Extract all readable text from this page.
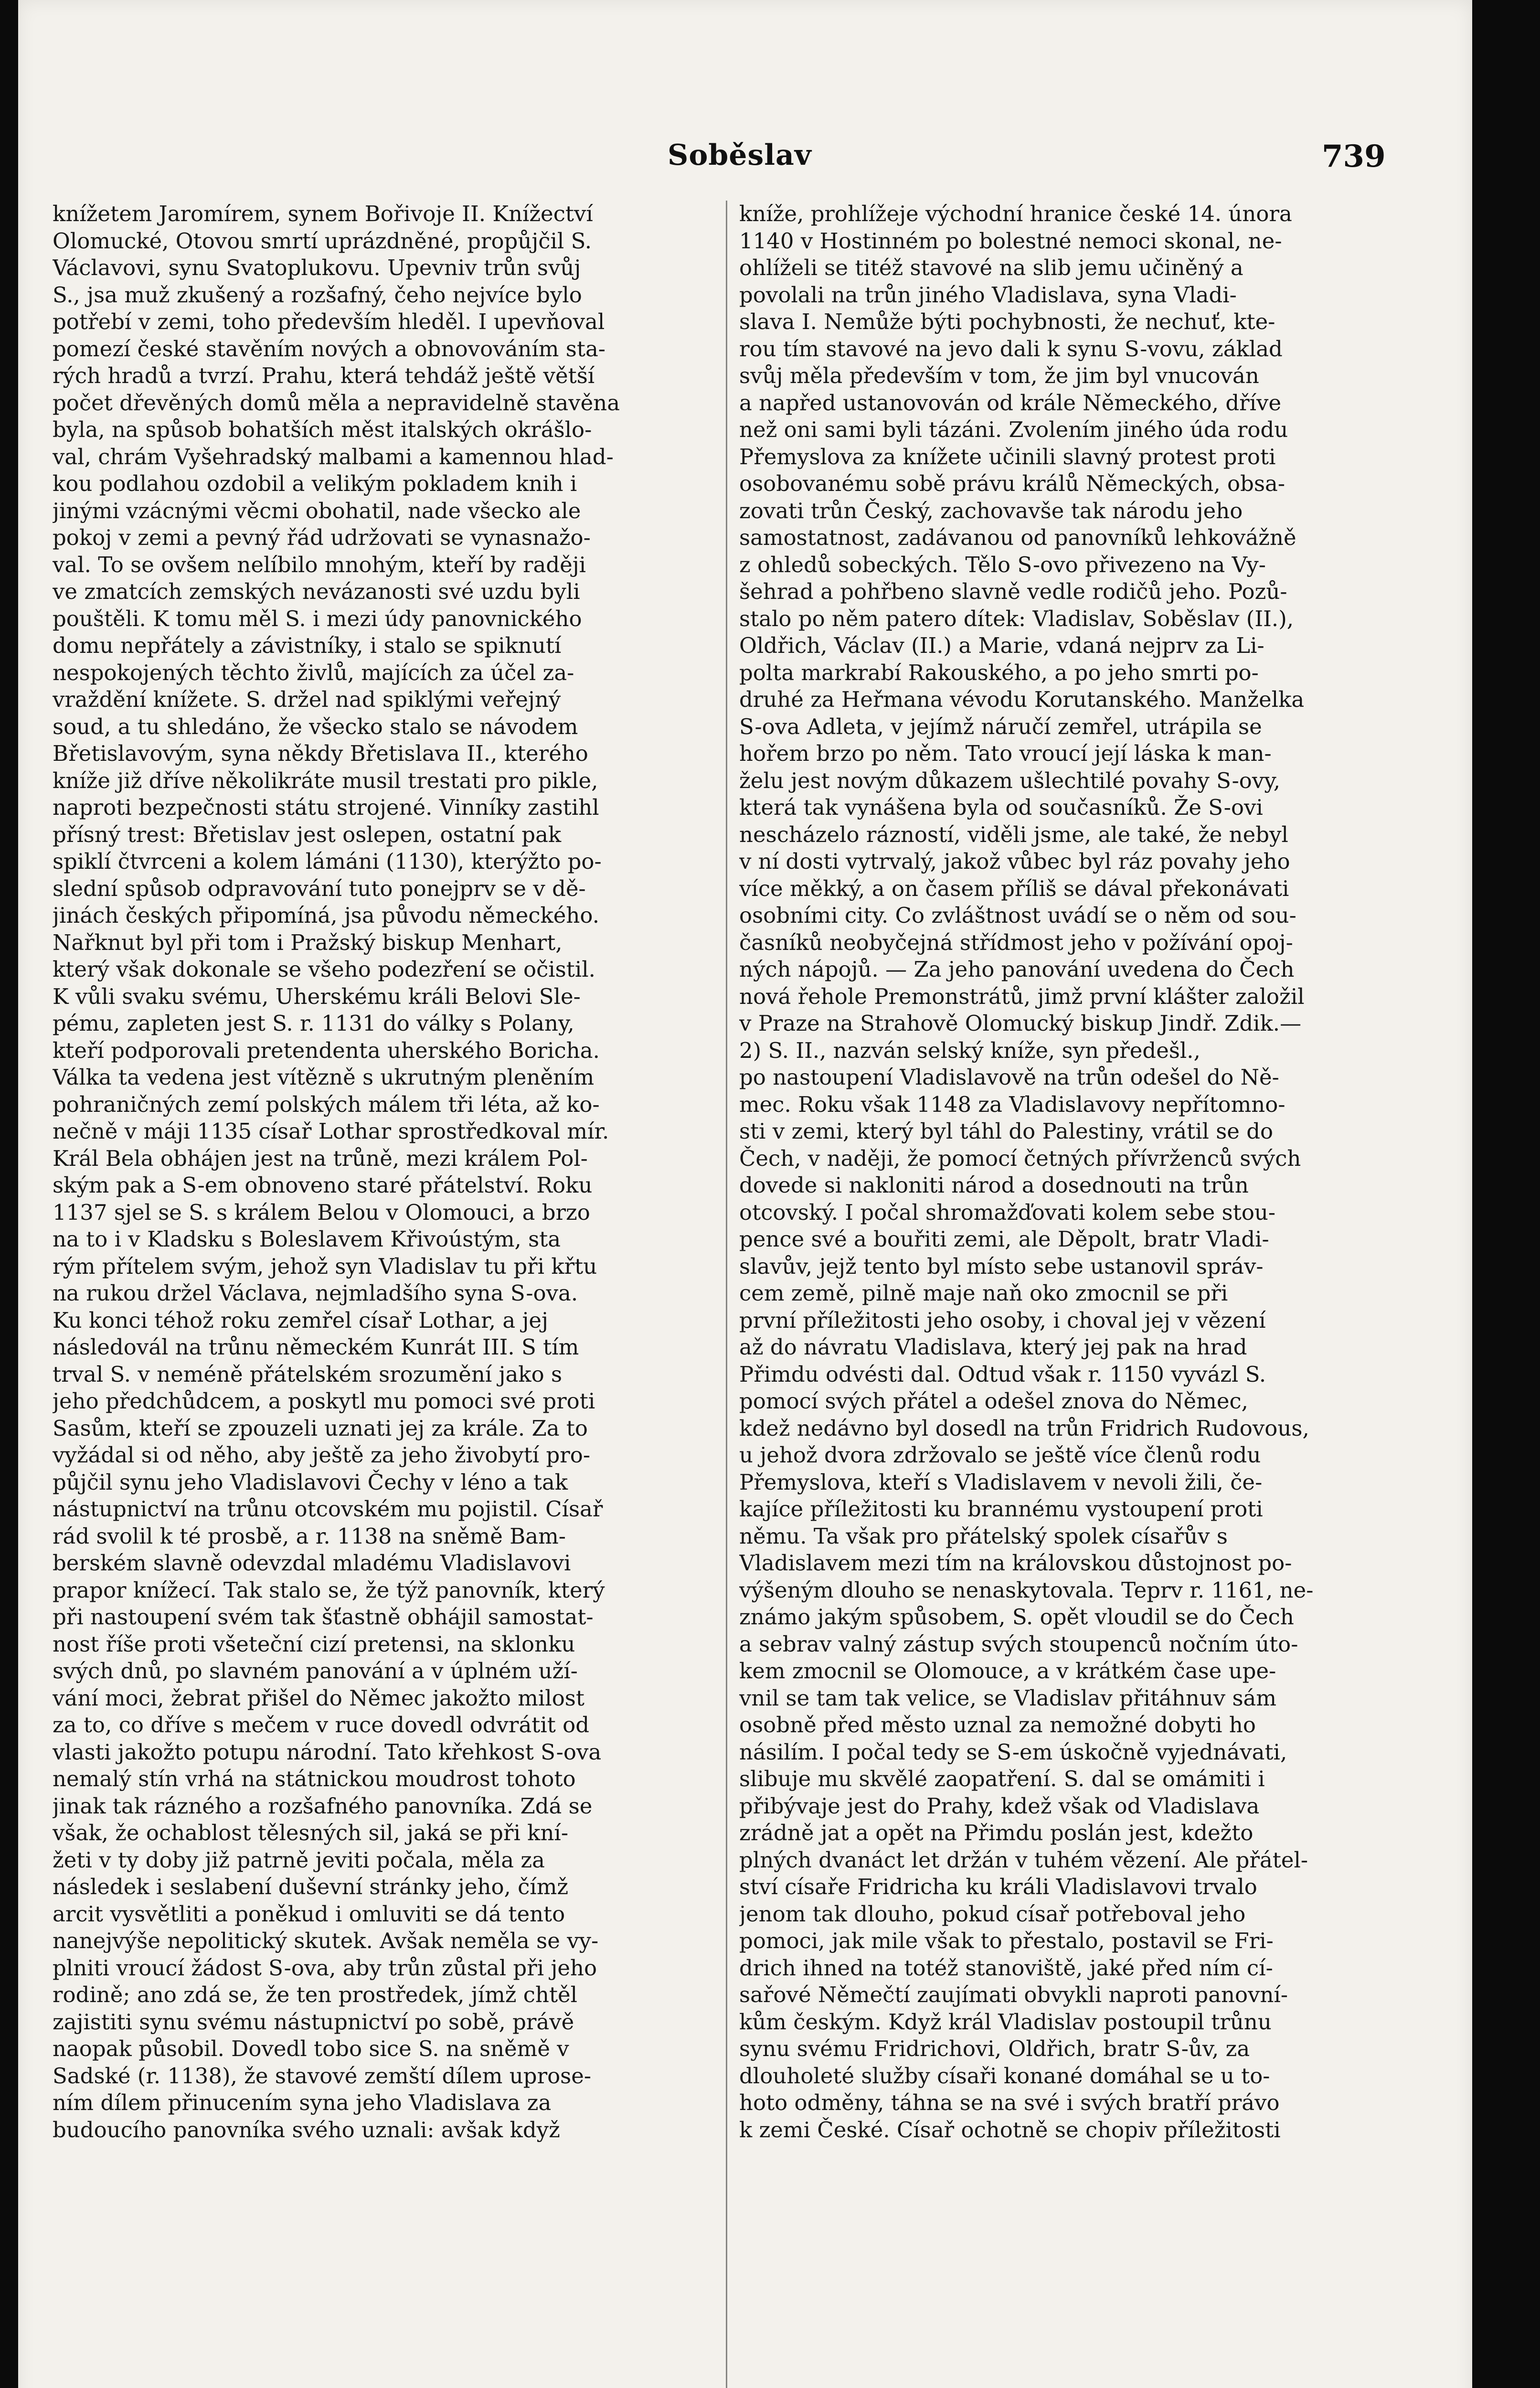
Soběslav	739
knížetem Jaromírem, synem Bořivoje II. Knížectví
Olomucké, Otovou smrtí uprázdněné, propůjčil S.
Václavovi, synu Svatoplukovu. Upevniv trůn svůj
S., jsa muž zkušený a rozšafný, čeho nejvíce bylo
potřebí v zemi, toho především hleděl. I upevňoval
pomezí české stavěním nových a obnovováním sta-
rých hradů a tvrzí. Prahu, která tehdáž ještě větší
počet dřevěných domů měla a nepravidelně stavěna
byla, na spůsob bohatších měst italských okrášlo-
val, chrám Vyšehradský malbami a kamennou hlad-
kou podlahou ozdobil a velikým pokladem knih i
jinými vzácnými věcmi obohatil, nade všecko ale
pokoj v zemi a pevný řád udržovati se vynasnažo-
val. To se ovšem nelíbilo mnohým, kteří by raději
ve zmatcích zemských nevázanosti své uzdu byli
pouštěli. K tomu měl S. i mezi údy panovnického
domu nepřátely a závistníky, i stalo se spiknutí
nespokojených těchto živlů, majících za účel za-
vraždění knížete. S. držel nad spiklými veřejný
soud, a tu shledáno, že všecko stalo se návodem
Břetislavovým, syna někdy Břetislava II., kterého
kníže již dříve několikráte musil trestati pro pikle,
naproti bezpečnosti státu strojené. Vinníky zastihl
přísný trest: Břetislav jest oslepen, ostatní pak
spiklí čtvrceni a kolem lámáni (1130), kterýžto po-
slední spůsob odpravování tuto ponejprv se v dě-
jinách českých připomíná, jsa původu německého.
Nařknut byl při tom i Pražský biskup Menhart,
který však dokonale se všeho podezření se očistil.
K vůli svaku svému, Uherskému králi Belovi Sle-
pému, zapleten jest S. r. 1131 do války s Polany,
kteří podporovali pretendenta uherského Boricha.
Válka ta vedena jest vítězně s ukrutným pleněním
pohraničných zemí polských málem tři léta, až ko-
nečně v máji 1135 císař Lothar sprostředkoval mír.
Král Bela obhájen jest na trůně, mezi králem Pol-
ským pak a S-em obnoveno staré přátelství. Roku
1137 sjel se S. s králem Belou v Olomouci, a brzo
na to i v Kladsku s Boleslavem Křivoústým, sta
rým přítelem svým, jehož syn Vladislav tu při křtu
na rukou držel Václava, nejmladšího syna S-ova.
Ku konci téhož roku zemřel císař Lothar, a jej
následovál na trůnu německém Kunrát III. S tím
trval S. v neméně přátelském srozumění jako s
jeho předchůdcem, a poskytl mu pomoci své proti
Sasům, kteří se zpouzeli uznati jej za krále. Za to
vyžádal si od něho, aby ještě za jeho živobytí pro-
půjčil synu jeho Vladislavovi Čechy v léno a tak
nástupnictví na trůnu otcovském mu pojistil. Císař
rád svolil k té prosbě, a r. 1138 na sněmě Bam-
berském slavně odevzdal mladému Vladislavovi
prapor knížecí. Tak stalo se, že týž panovník, který
při nastoupení svém tak šťastně obhájil samostat-
nost říše proti všeteční cizí pretensi, na sklonku
svých dnů, po slavném panování a v úplném uží-
vání moci, žebrat přišel do Němec jakožto milost
za to, co dříve s mečem v ruce dovedl odvrátit od
vlasti jakožto potupu národní. Tato křehkost S-ova
nemalý stín vrhá na státnickou moudrost tohoto
jinak tak rázného a rozšafného panovníka. Zdá se
však, že ochablost tělesných sil, jaká se při kní-
žeti v ty doby již patrně jeviti počala, měla za
následek i seslabení duševní stránky jeho, čímž
arcit vysvětliti a poněkud i omluviti se dá tento
nanejvýše nepolitický skutek. Avšak neměla se vy-
plniti vroucí žádost S-ova, aby trůn zůstal při jeho
rodině; ano zdá se, že ten prostředek, jímž chtěl
zajistiti synu svému nástupnictví po sobě, právě
naopak působil. Dovedl tobo sice S. na sněmě v
Sadské (r. 1138), že stavové zemští dílem uprose-
ním dílem přinucením syna jeho Vladislava za
budoucího panovníka svého uznali: avšak když
kníže, prohlížeje východní hranice české 14. února
1140 v Hostinném po bolestné nemoci skonal, ne-
ohlíželi se titéž stavové na slib jemu učiněný a
povolali na trůn jiného Vladislava, syna Vladi-
slava I. Nemůže býti pochybnosti, že nechuť, kte-
rou tím stavové na jevo dali k synu S-vovu, základ
svůj měla především v tom, že jim byl vnucován
a napřed ustanovován od krále Německého, dříve
než oni sami byli tázáni. Zvolením jiného úda rodu
Přemyslova za knížete učinili slavný protest proti
osobovanému sobě právu králů Německých, obsa-
zovati trůn Český, zachovavše tak národu jeho
samostatnost, zadávanou od panovníků lehkovážně
z ohledů sobeckých. Tělo S-ovo přivezeno na Vy-
šehrad a pohřbeno slavně vedle rodičů jeho. Pozů-
stalo po něm patero dítek: Vladislav, Soběslav (II.),
Oldřich, Václav (II.) a Marie, vdaná nejprv za Li-
polta markrabí Rakouského, a po jeho smrti po-
druhé za Heřmana vévodu Korutanského. Manželka
S-ova Adleta, v jejímž náručí zemřel, utrápila se
hořem brzo po něm. Tato vroucí její láska k man-
želu jest novým důkazem ušlechtilé povahy S-ovy,
která tak vynášena byla od současníků. Že S-ovi
nescházelo rázností, viděli jsme, ale také, že nebyl
v ní dosti vytrvalý, jakož vůbec byl ráz povahy jeho
více měkký, a on časem příliš se dával překonávati
osobními city. Co zvláštnost uvádí se o něm od sou-
časníků neobyčejná střídmost jeho v požívání opoj-
ných nápojů. — Za jeho panování uvedena do Čech
nová řehole Premonstrátů, jimž první klášter založil
v Praze na Strahově Olomucký biskup Jindř. Zdik.—
2) S. II., nazván selský kníže, syn předešl.,
po nastoupení Vladislavově na trůn odešel do Ně-
mec. Roku však 1148 za Vladislavovy nepřítomno-
sti v zemi, který byl táhl do Palestiny, vrátil se do
Čech, v naději, že pomocí četných přívrženců svých
dovede si nakloniti národ a dosednouti na trůn
otcovský. I počal shromažďovati kolem sebe stou-
pence své a bouřiti zemi, ale Děpolt, bratr Vladi-
slavův, jejž tento byl místo sebe ustanovil správ-
cem země, pilně maje naň oko zmocnil se při
první příležitosti jeho osoby, i choval jej v vězení
až do návratu Vladislava, který jej pak na hrad
Přimdu odvésti dal. Odtud však r. 1150 vyvázl S.
pomocí svých přátel a odešel znova do Němec,
kdež nedávno byl dosedl na trůn Fridrich Rudovous,
u jehož dvora zdržovalo se ještě více členů rodu
Přemyslova, kteří s Vladislavem v nevoli žili, če-
kajíce příležitosti ku brannému vystoupení proti
němu. Ta však pro přátelský spolek císařův s
Vladislavem mezi tím na královskou důstojnost po-
výšeným dlouho se nenaskytovala. Teprv r. 1161, ne-
známo jakým spůsobem, S. opět vloudil se do Čech
a sebrav valný zástup svých stoupenců nočním úto-
kem zmocnil se Olomouce, a v krátkém čase upe-
vnil se tam tak velice, se Vladislav přitáhnuv sám
osobně před město uznal za nemožné dobyti ho
násilím. I počal tedy se S-em úskočně vyjednávati,
slibuje mu skvělé zaopatření. S. dal se omámiti i
přibývaje jest do Prahy, kdež však od Vladislava
zrádně jat a opět na Přimdu poslán jest, kdežto
plných dvanáct let držán v tuhém vězení. Ale přátel-
ství císaře Fridricha ku králi Vladislavovi trvalo
jenom tak dlouho, pokud císař potřeboval jeho
pomoci, jak mile však to přestalo, postavil se Fri-
drich ihned na totéž stanoviště, jaké před ním cí-
sařové Němečtí zaujímati obvykli naproti panovní-
kům českým. Když král Vladislav postoupil trůnu
synu svému Fridrichovi, Oldřich, bratr S-ův, za
dlouholeté služby císaři konané domáhal se u to-
hoto odměny, táhna se na své i svých bratří právo
k zemi České. Císař ochotně se chopiv příležitosti
